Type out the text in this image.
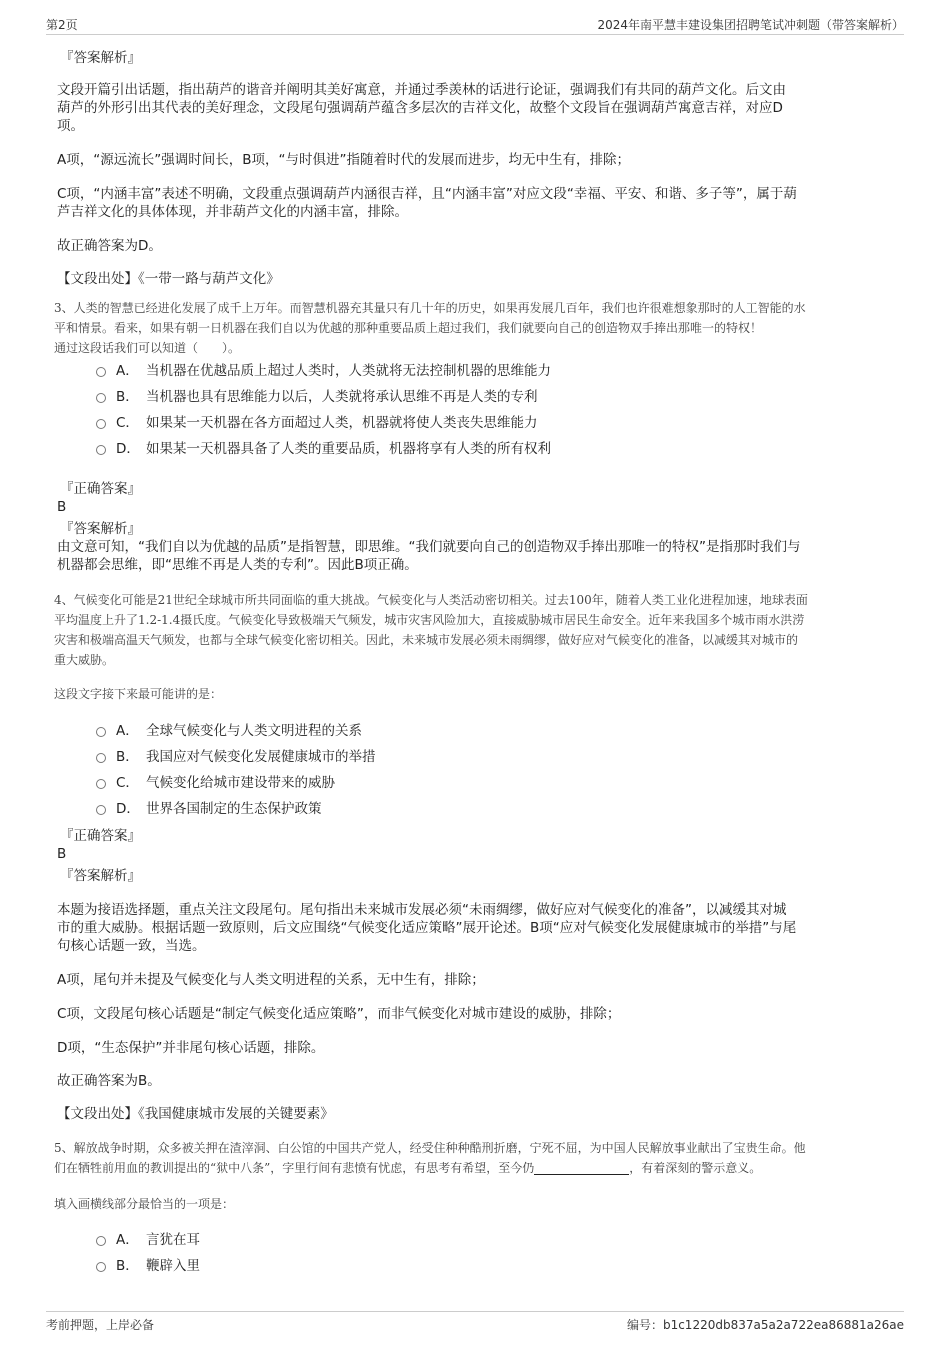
第2页	2024年南平慧丰建设集团招聘笔试冲刺题（带答案解析）
『答案解析』
文段开篇引出话题，指出葫芦的谐音并阐明其美好寓意，并通过季羡林的话进行论证，强调我们有共同的葫芦文化。后文由
葫芦的外形引出其代表的美好理念，文段尾句强调葫芦蕴含多层次的吉祥文化，故整个文段旨在强调葫芦寓意吉祥，对应D
项。
A项，“源远流长”强调时间长，B项，“与时俱进”指随着时代的发展而进步，均无中生有，排除；
C项，“内涵丰富”表述不明确，文段重点强调葫芦内涵很吉祥，且“内涵丰富”对应文段“幸福、平安、和谐、多子等”，属于葫
芦吉祥文化的具体体现，并非葫芦文化的内涵丰富，排除。
故正确答案为D。
【文段出处】《一带一路与葫芦文化》
3、人类的智慧已经进化发展了成千上万年。而智慧机器充其量只有几十年的历史，如果再发展几百年，我们也许很难想象那时的人工智能的水
平和情景。看来，如果有朝一日机器在我们自以为优越的那种重要品质上超过我们，我们就要向自己的创造物双手捧出那唯一的特权！
通过这段话我们可以知道（　　）。
A． 当机器在优越品质上超过人类时，人类就将无法控制机器的思维能力
B． 当机器也具有思维能力以后，人类就将承认思维不再是人类的专利
C． 如果某一天机器在各方面超过人类，机器就将使人类丧失思维能力
D． 如果某一天机器具备了人类的重要品质，机器将享有人类的所有权利
『正确答案』
B
『答案解析』
由文意可知，“我们自以为优越的品质”是指智慧，即思维。“我们就要向自己的创造物双手捧出那唯一的特权”是指那时我们与
机器都会思维，即“思维不再是人类的专利”。因此B项正确。
4、气候变化可能是21世纪全球城市所共同面临的重大挑战。气候变化与人类活动密切相关。过去100年，随着人类工业化进程加速，地球表面
平均温度上升了1.2-1.4摄氏度。气候变化导致极端天气频发，城市灾害风险加大，直接威胁城市居民生命安全。近年来我国多个城市雨水洪涝
灾害和极端高温天气频发，也都与全球气候变化密切相关。因此，未来城市发展必须未雨绸缪，做好应对气候变化的准备，以减缓其对城市的
重大威胁。
这段文字接下来最可能讲的是：
A． 全球气候变化与人类文明进程的关系
B． 我国应对气候变化发展健康城市的举措
C． 气候变化给城市建设带来的威胁
D． 世界各国制定的生态保护政策
『正确答案』
B
『答案解析』
本题为接语选择题，重点关注文段尾句。尾句指出未来城市发展必须“未雨绸缪，做好应对气候变化的准备”，以减缓其对城
市的重大威胁。根据话题一致原则，后文应围绕“气候变化适应策略”展开论述。B项“应对气候变化发展健康城市的举措”与尾
句核心话题一致，当选。
A项，尾句并未提及气候变化与人类文明进程的关系，无中生有，排除；
C项，文段尾句核心话题是“制定气候变化适应策略”，而非气候变化对城市建设的威胁，排除；
D项，“生态保护”并非尾句核心话题，排除。
故正确答案为B。
【文段出处】《我国健康城市发展的关键要素》
5、解放战争时期，众多被关押在渣滓洞、白公馆的中国共产党人，经受住种种酷刑折磨，宁死不屈，为中国人民解放事业献出了宝贵生命。他
们在牺牲前用血的教训提出的“狱中八条”，字里行间有悲愤有忧虑，有思考有希望，至今仍	，有着深刻的警示意义。
填入画横线部分最恰当的一项是：
A． 言犹在耳
B． 鞭辟入里
考前押题，上岸必备	编号：b1c1220db837a5a2a722ea86881a26ae
